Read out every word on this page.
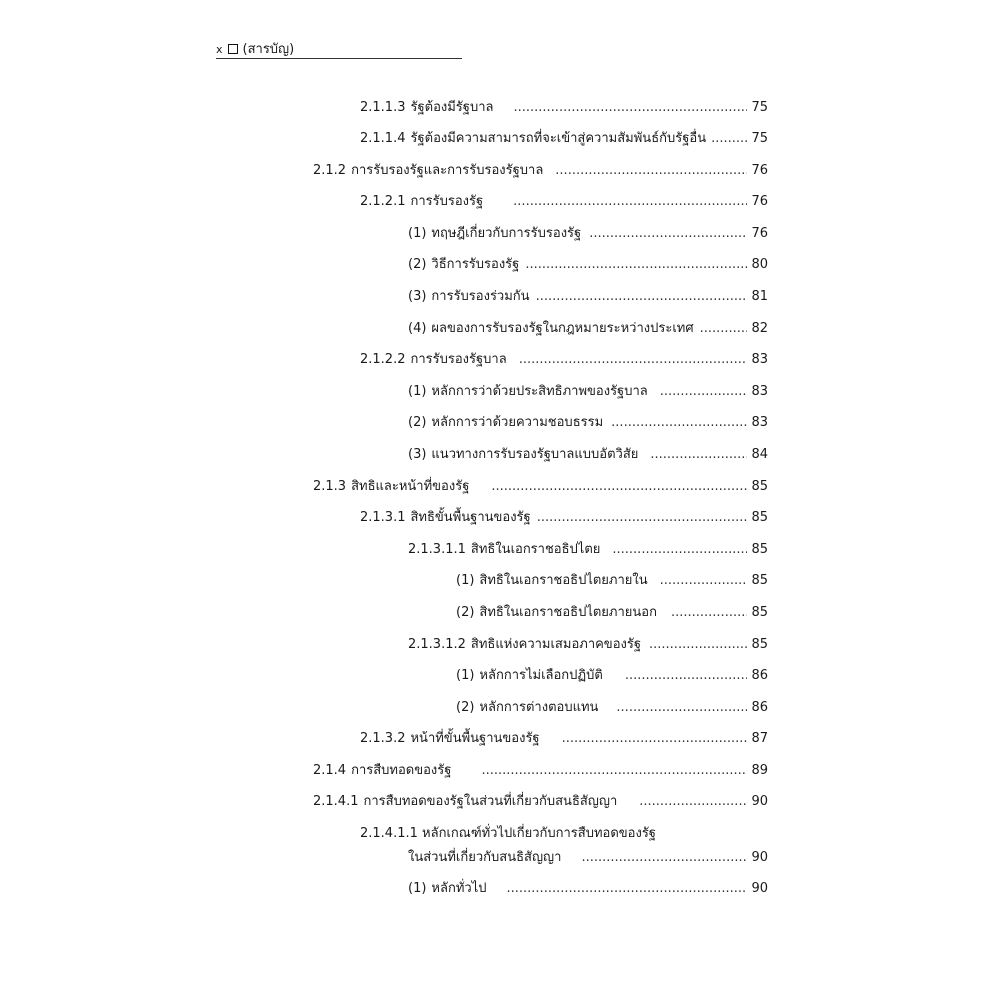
x (สารบัญ)
2.1.1.3 รัฐต้องมีรัฐบาล .....	75
2.1.1.4 รัฐต้องมีความสามารถที่จะเข้าสู่ความสัมพันธ์กับรัฐอื่น .....	75
2.1.2 การรับรองรัฐและการรับรองรัฐบาล .....	76
2.1.2.1 การรับรองรัฐ .....	76
(1) ทฤษฎีเกี่ยวกับการรับรองรัฐ .....	76
(2) วิธีการรับรองรัฐ .....	80
(3) การรับรองร่วมกัน .....	81
(4) ผลของการรับรองรัฐในกฎหมายระหว่างประเทศ .....	82
2.1.2.2 การรับรองรัฐบาล .....	83
(1) หลักการว่าด้วยประสิทธิภาพของรัฐบาล .....	83
(2) หลักการว่าด้วยความชอบธรรม .....	83
(3) แนวทางการรับรองรัฐบาลแบบอัตวิสัย .....	84
2.1.3 สิทธิและหน้าที่ของรัฐ .....	85
2.1.3.1 สิทธิขั้นพื้นฐานของรัฐ .....	85
2.1.3.1.1 สิทธิในเอกราชอธิปไตย .....	85
(1) สิทธิในเอกราชอธิปไตยภายใน .....	85
(2) สิทธิในเอกราชอธิปไตยภายนอก .....	85
2.1.3.1.2 สิทธิแห่งความเสมอภาคของรัฐ .....	85
(1) หลักการไม่เลือกปฏิบัติ .....	86
(2) หลักการต่างตอบแทน .....	86
2.1.3.2 หน้าที่ขั้นพื้นฐานของรัฐ .....	87
2.1.4 การสืบทอดของรัฐ .....	89
2.1.4.1 การสืบทอดของรัฐในส่วนที่เกี่ยวกับสนธิสัญญา .....	90
2.1.4.1.1 หลักเกณฑ์ทั่วไปเกี่ยวกับการสืบทอดของรัฐ
ในส่วนที่เกี่ยวกับสนธิสัญญา .....	90
(1) หลักทั่วไป .....	90
